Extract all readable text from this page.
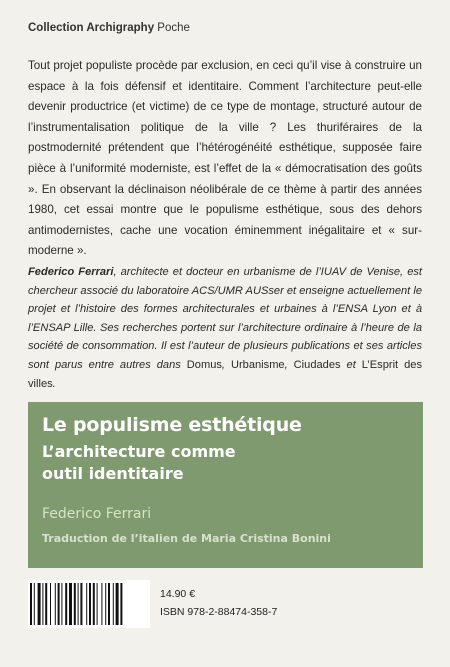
Collection Archigraphy Poche

Tout projet populiste procède par exclusion, en ceci qu’il vise à construire un espace à la fois défensif et identitaire. Comment l’architecture peut-elle devenir productrice (et victime) de ce type de montage, structuré autour de l’instrumentalisation politique de la ville ? Les thuriféraires de la postmodernité prétendent que l’hétérogénéité esthétique, supposée faire pièce à l’uniformité moderniste, est l’effet de la « démocratisation des goûts ». En observant la déclinaison néolibérale de ce thème à partir des années 1980, cet essai montre que le populisme esthétique, sous des dehors antimodernistes, cache une vocation éminemment inégalitaire et « sur-moderne ».

Federico Ferrari, architecte et docteur en urbanisme de l’IUAV de Venise, est chercheur associé du laboratoire ACS/UMR AUSser et enseigne actuellement le projet et l’histoire des formes architecturales et urbaines à l’ENSA Lyon et à l’ENSAP Lille. Ses recherches portent sur l’architecture ordinaire à l’heure de la société de consommation. Il est l’auteur de plusieurs publications et ses articles sont parus entre autres dans Domus, Urbanisme, Ciudades et L’Esprit des villes.

Le populisme esthétique
L’architecture comme
outil identitaire
Federico Ferrari
Traduction de l’italien de Maria Cristina Bonini
14.90 €
ISBN 978-2-88474-358-7
